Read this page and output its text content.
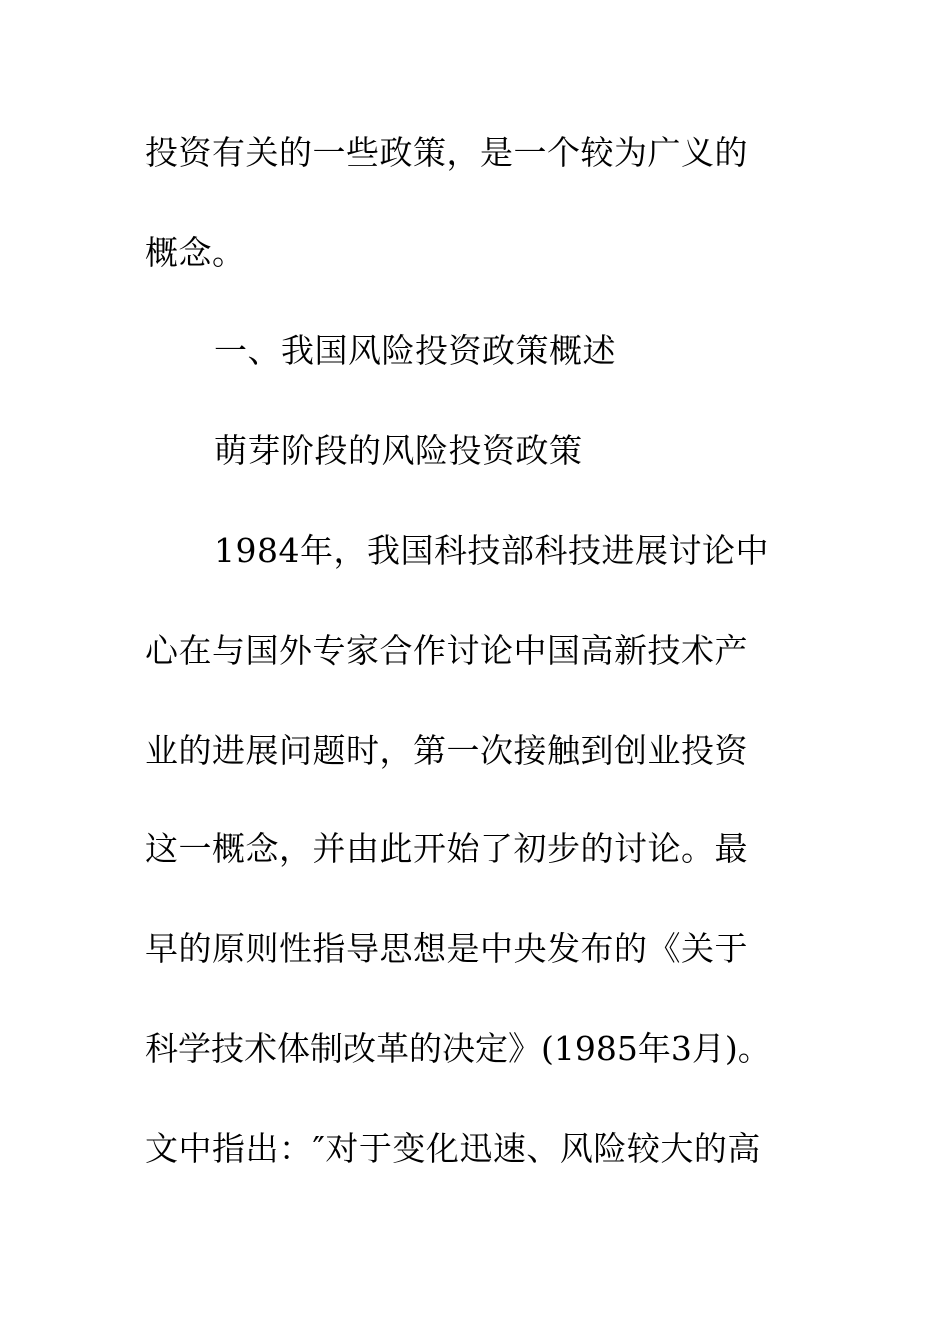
投资有关的一些政策，是一个较为广义的
概念。
一、我国风险投资政策概述
萌芽阶段的风险投资政策
1984年，我国科技部科技进展讨论中
心在与国外专家合作讨论中国高新技术产
业的进展问题时，第一次接触到创业投资
这一概念，并由此开始了初步的讨论。最
早的原则性指导思想是中央发布的《关于
科学技术体制改革的决定》(1985年3月)。
文中指出：″对于变化迅速、风险较大的高
